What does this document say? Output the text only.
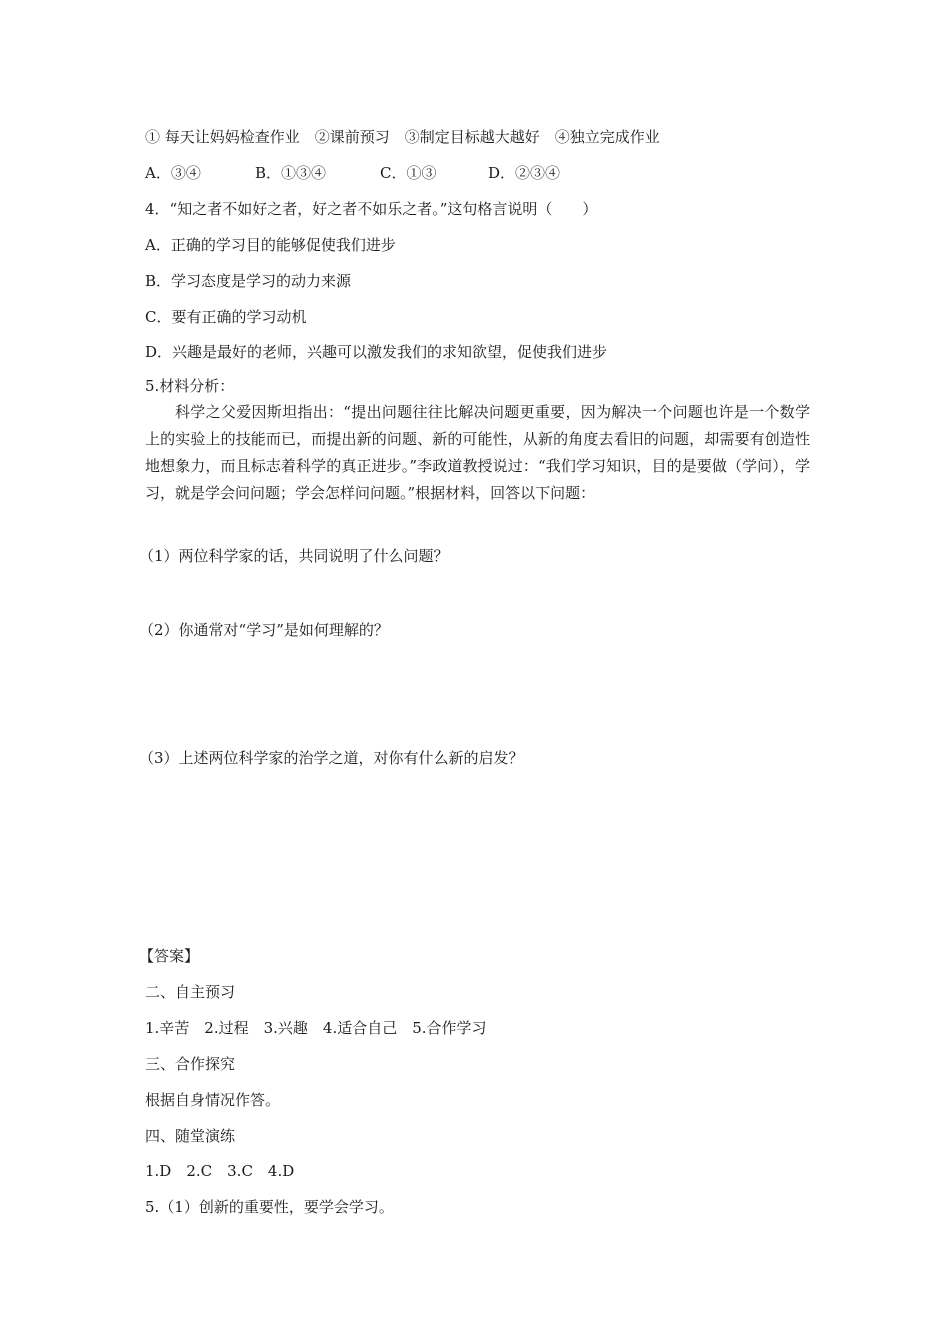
① 每天让妈妈检查作业　②课前预习　③制定目标越大越好　④独立完成作业
A．③④	B．①③④	C．①③	D．②③④
4．“知之者不如好之者，好之者不如乐之者。”这句格言说明（　　）
A．正确的学习目的能够促使我们进步
B．学习态度是学习的动力来源
C．要有正确的学习动机
D．兴趣是最好的老师，兴趣可以激发我们的求知欲望，促使我们进步
5.材料分析：
科学之父爱因斯坦指出：“提出问题往往比解决问题更重要，因为解决一个问题也许是一个数学上的实验上的技能而已，而提出新的问题、新的可能性，从新的角度去看旧的问题，却需要有创造性地想象力，而且标志着科学的真正进步。”李政道教授说过：“我们学习知识，目的是要做（学问），学习，就是学会问问题；学会怎样问问题。”根据材料，回答以下问题：
（1）两位科学家的话，共同说明了什么问题？
（2）你通常对“学习”是如何理解的？
（3）上述两位科学家的治学之道，对你有什么新的启发？
【答案】
二、自主预习
1.辛苦　2.过程　3.兴趣　4.适合自己　5.合作学习
三、合作探究
根据自身情况作答。
四、随堂演练
1.D　2.C　3.C　4.D
5.（1）创新的重要性，要学会学习。
